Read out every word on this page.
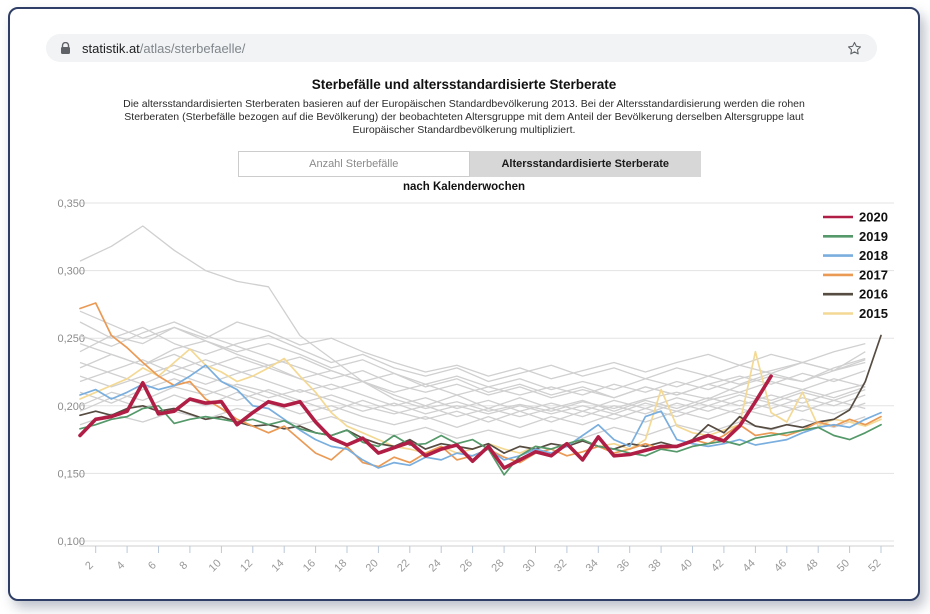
statistik.at/atlas/sterbefaelle/
Sterbefälle und altersstandardisierte Sterberate
Die altersstandardisierten Sterberaten basieren auf der Europäischen Standardbevölkerung 2013. Bei der Altersstandardisierung werden die rohen Sterberaten (Sterbefälle bezogen auf die Bevölkerung) der beobachteten Altersgruppe mit dem Anteil der Bevölkerung derselben Altersgruppe laut Europäischer Standardbevölkerung multipliziert.
Anzahl Sterbefälle	Altersstandardisierte Sterberate
nach Kalenderwochen
0,350
0,300
0,250
0,200
0,150
0,100
2 4 6 8 10 12 14 16 18 20 22 24 26 28 30 32 34 36 38 40 42 44 46 48 50 52
2020
2019
2018
2017
2016
2015
